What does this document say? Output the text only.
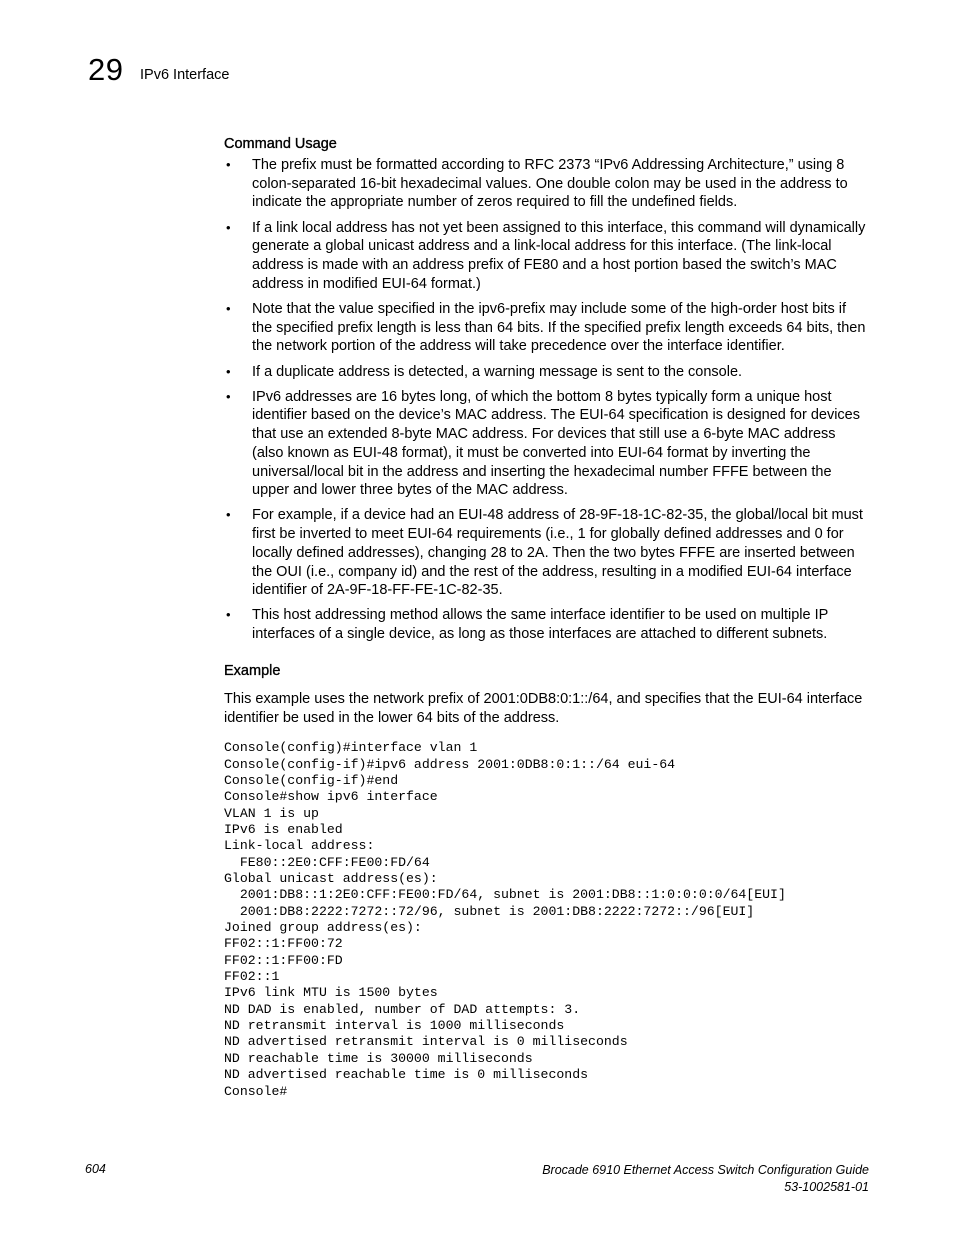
29 IPv6 Interface
Command Usage
• The prefix must be formatted according to RFC 2373 “IPv6 Addressing Architecture,” using 8 colon-separated 16-bit hexadecimal values. One double colon may be used in the address to indicate the appropriate number of zeros required to fill the undefined fields.
• If a link local address has not yet been assigned to this interface, this command will dynamically generate a global unicast address and a link-local address for this interface. (The link-local address is made with an address prefix of FE80 and a host portion based the switch’s MAC address in modified EUI-64 format.)
• Note that the value specified in the ipv6-prefix may include some of the high-order host bits if the specified prefix length is less than 64 bits. If the specified prefix length exceeds 64 bits, then the network portion of the address will take precedence over the interface identifier.
• If a duplicate address is detected, a warning message is sent to the console.
• IPv6 addresses are 16 bytes long, of which the bottom 8 bytes typically form a unique host identifier based on the device’s MAC address. The EUI-64 specification is designed for devices that use an extended 8-byte MAC address. For devices that still use a 6-byte MAC address (also known as EUI-48 format), it must be converted into EUI-64 format by inverting the universal/local bit in the address and inserting the hexadecimal number FFFE between the upper and lower three bytes of the MAC address.
• For example, if a device had an EUI-48 address of 28-9F-18-1C-82-35, the global/local bit must first be inverted to meet EUI-64 requirements (i.e., 1 for globally defined addresses and 0 for locally defined addresses), changing 28 to 2A. Then the two bytes FFFE are inserted between the OUI (i.e., company id) and the rest of the address, resulting in a modified EUI-64 interface identifier of 2A-9F-18-FF-FE-1C-82-35.
• This host addressing method allows the same interface identifier to be used on multiple IP interfaces of a single device, as long as those interfaces are attached to different subnets.
Example

This example uses the network prefix of 2001:0DB8:0:1::/64, and specifies that the EUI-64 interface identifier be used in the lower 64 bits of the address.

Console(config)#interface vlan 1
Console(config-if)#ipv6 address 2001:0DB8:0:1::/64 eui-64
Console(config-if)#end
Console#show ipv6 interface
VLAN 1 is up
IPv6 is enabled
Link-local address:
FE80::2E0:CFF:FE00:FD/64
Global unicast address(es):
2001:DB8::1:2E0:CFF:FE00:FD/64, subnet is 2001:DB8::1:0:0:0:0/64[EUI]
2001:DB8:2222:7272::72/96, subnet is 2001:DB8:2222:7272::/96[EUI]
Joined group address(es):
FF02::1:FF00:72
FF02::1:FF00:FD
FF02::1
IPv6 link MTU is 1500 bytes
ND DAD is enabled, number of DAD attempts: 3.
ND retransmit interval is 1000 milliseconds
ND advertised retransmit interval is 0 milliseconds
ND reachable time is 30000 milliseconds
ND advertised reachable time is 0 milliseconds
Console#
604	Brocade 6910 Ethernet Access Switch Configuration Guide
53-1002581-01
